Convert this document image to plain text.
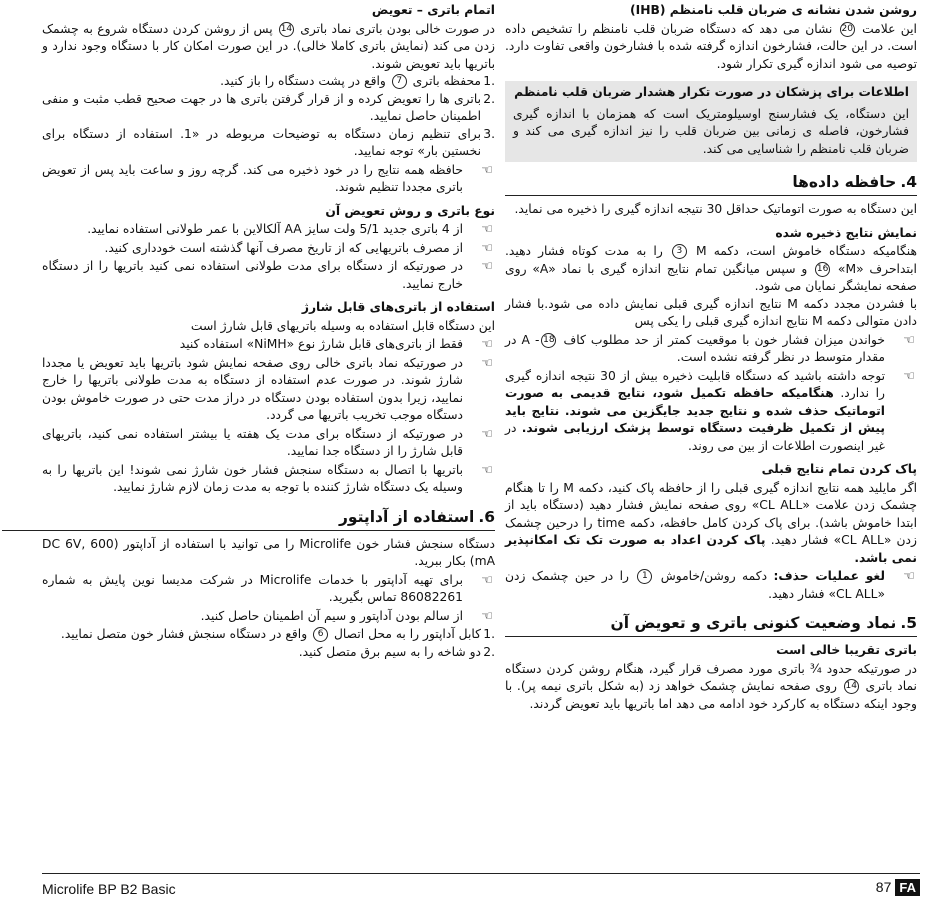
اتمام باتری – تعویض

در صورت خالی بودن باتری نماد باتری 14 پس از روشن کردن دستگاه شروع به چشمک زدن می کند (نمایش باتری کاملا خالی). در این صورت امکان کار با دستگاه وجود ندارد و باتریها باید تعویض شوند.

.1
محفظه باتری 7 واقع در پشت دستگاه را باز کنید.
.2
باتری ها را تعویض کرده و از قرار گرفتن باتری ها در جهت صحیح قطب مثبت و منفی اطمینان حاصل نمایید.
.3
برای تنظیم زمان دستگاه به توضیحات مربوطه در «1. استفاده از دستگاه برای نخستین بار» توجه نمایید.
☜
حافظه همه نتایج را در خود ذخیره می کند. گرچه روز و ساعت باید پس از تعویض باتری مجددا تنظیم شوند.
نوع باتری و روش تعویض آن
☜
از 4 باتری جدید 5/1 ولت سایز AA آلکالاین با عمر طولانی استفاده نمایید.
☜
از مصرف باتریهایی که از تاریخ مصرف آنها گذشته است خودداری کنید.
☜
در صورتیکه از دستگاه برای مدت طولانی استفاده نمی کنید باتریها را از دستگاه خارج نمایید.
استفاده از باتری‌های قابل شارژ

این دستگاه قابل استفاده به وسیله باتریهای قابل شارژ است

☜
فقط از باتری‌های قابل شارژ نوع «NiMH» استفاده کنید
☜
در صورتیکه نماد باتری خالی روی صفحه نمایش شود باتریها باید تعویض یا مجددا شارژ شوند. در صورت عدم استفاده از دستگاه به مدت طولانی باتریها را خارج نمایید، زیرا بدون استفاده بودن دستگاه در دراز مدت حتی در صورت خاموش بودن دستگاه موجب تخریب باتریها می گردد.
☜
در صورتیکه از دستگاه برای مدت یک هفته یا بیشتر استفاده نمی کنید، باتریهای قابل شارژ را از دستگاه جدا نمایید.
☜
باتریها با اتصال به دستگاه سنجش فشار خون شارژ نمی شوند! این باتریها را به وسیله یک دستگاه شارژ کننده با توجه به مدت زمان لازم شارژ نمایید.
6.استفاده از آداپتور

دستگاه سنجش فشار خون Microlife را می توانید با استفاده از آداپتور (DC 6V, 600 mA) بکار ببرید.

☜
برای تهیه آداپتور با خدمات Microlife در شرکت مدیسا نوین پایش به شماره 86082261 تماس بگیرید.
☜
از سالم بودن آداپتور و سیم آن اطمینان حاصل کنید.
.1
کابل آداپتور را به محل اتصال 6 واقع در دستگاه سنجش فشار خون متصل نمایید.
.2
دو شاخه را به سیم برق متصل کنید.
روشن شدن نشانه ی ضربان قلب نامنظم (IHB)

این علامت 20 نشان می دهد که دستگاه ضربان قلب نامنظم را تشخیص داده است. در این حالت، فشارخون اندازه گرفته شده با فشارخون واقعی تفاوت دارد. توصیه می شود اندازه گیری تکرار شود.

اطلاعات برای پزشکان در صورت تکرار هشدار ضربان قلب نامنظم

این دستگاه، یک فشارسنج اوسیلومتریک است که همزمان با اندازه گیری فشارخون، فاصله ی زمانی بین ضربان قلب را نیز اندازه گیری می کند و ضربان قلب نامنظم را شناسایی می کند.

4.حافظه داده‌ها

این دستگاه به صورت اتوماتیک حداقل 30 نتیجه اندازه گیری را ذخیره می نماید.

نمایش نتایج ذخیره شده

هنگامیکه دستگاه خاموش است، دکمه M 3 را به مدت کوتاه فشار دهید. ابتداحرف «M» 16 و سپس میانگین تمام نتایج اندازه گیری با نماد «A» روی صفحه نمایشگر نمایان می شود.

با فشردن مجدد دکمه M نتایج اندازه گیری قبلی نمایش داده می شود.با فشار دادن متوالی دکمه M نتایج اندازه گیری قبلی را یکی پس

☜
خواندن میزان فشار خون با موقعیت کمتر از حد مطلوب کاف 18- A در مقدار متوسط در نظر گرفته نشده است.
☜
توجه داشته باشید که دستگاه قابلیت ذخیره بیش از 30 نتیجه اندازه گیری را ندارد. هنگامیکه حافظه تکمیل شود، نتایج قدیمی به صورت اتوماتیک حذف شده و نتایج جدید جایگزین می شوند. نتایج باید پیش از تکمیل ظرفیت دستگاه توسط پزشک ارزیابی شوند. در غیر اینصورت اطلاعات از بین می روند.
پاک کردن تمام نتایج قبلی

اگر مایلید همه نتایج اندازه گیری قبلی را از حافظه پاک کنید، دکمه M را تا هنگام چشمک زدن علامت «CL ALL» روی صفحه نمایش فشار دهید (دستگاه باید از ابتدا خاموش باشد). برای پاک کردن کامل حافظه، دکمه time را درحین چشمک زدن «CL ALL» فشار دهید. پاک کردن اعداد به صورت تک تک امکانپذیر نمی باشد.

☜
لغو عملیات حذف: دکمه روشن/خاموش 1 را در حین چشمک زدن «CL ALL» فشار دهید.
5.نماد وضعیت کنونی باتری و تعویض آن
باتری تقریبا خالی است

در صورتیکه حدود ¾ باتری مورد مصرف قرار گیرد، هنگام روشن کردن دستگاه نماد باتری 14 روی صفحه نمایش چشمک خواهد زد (به شکل باتری نیمه پر). با وجود اینکه دستگاه به کارکرد خود ادامه می دهد اما باتریها باید تعویض گردند.

Microlife BP B2 Basic	87 FA
